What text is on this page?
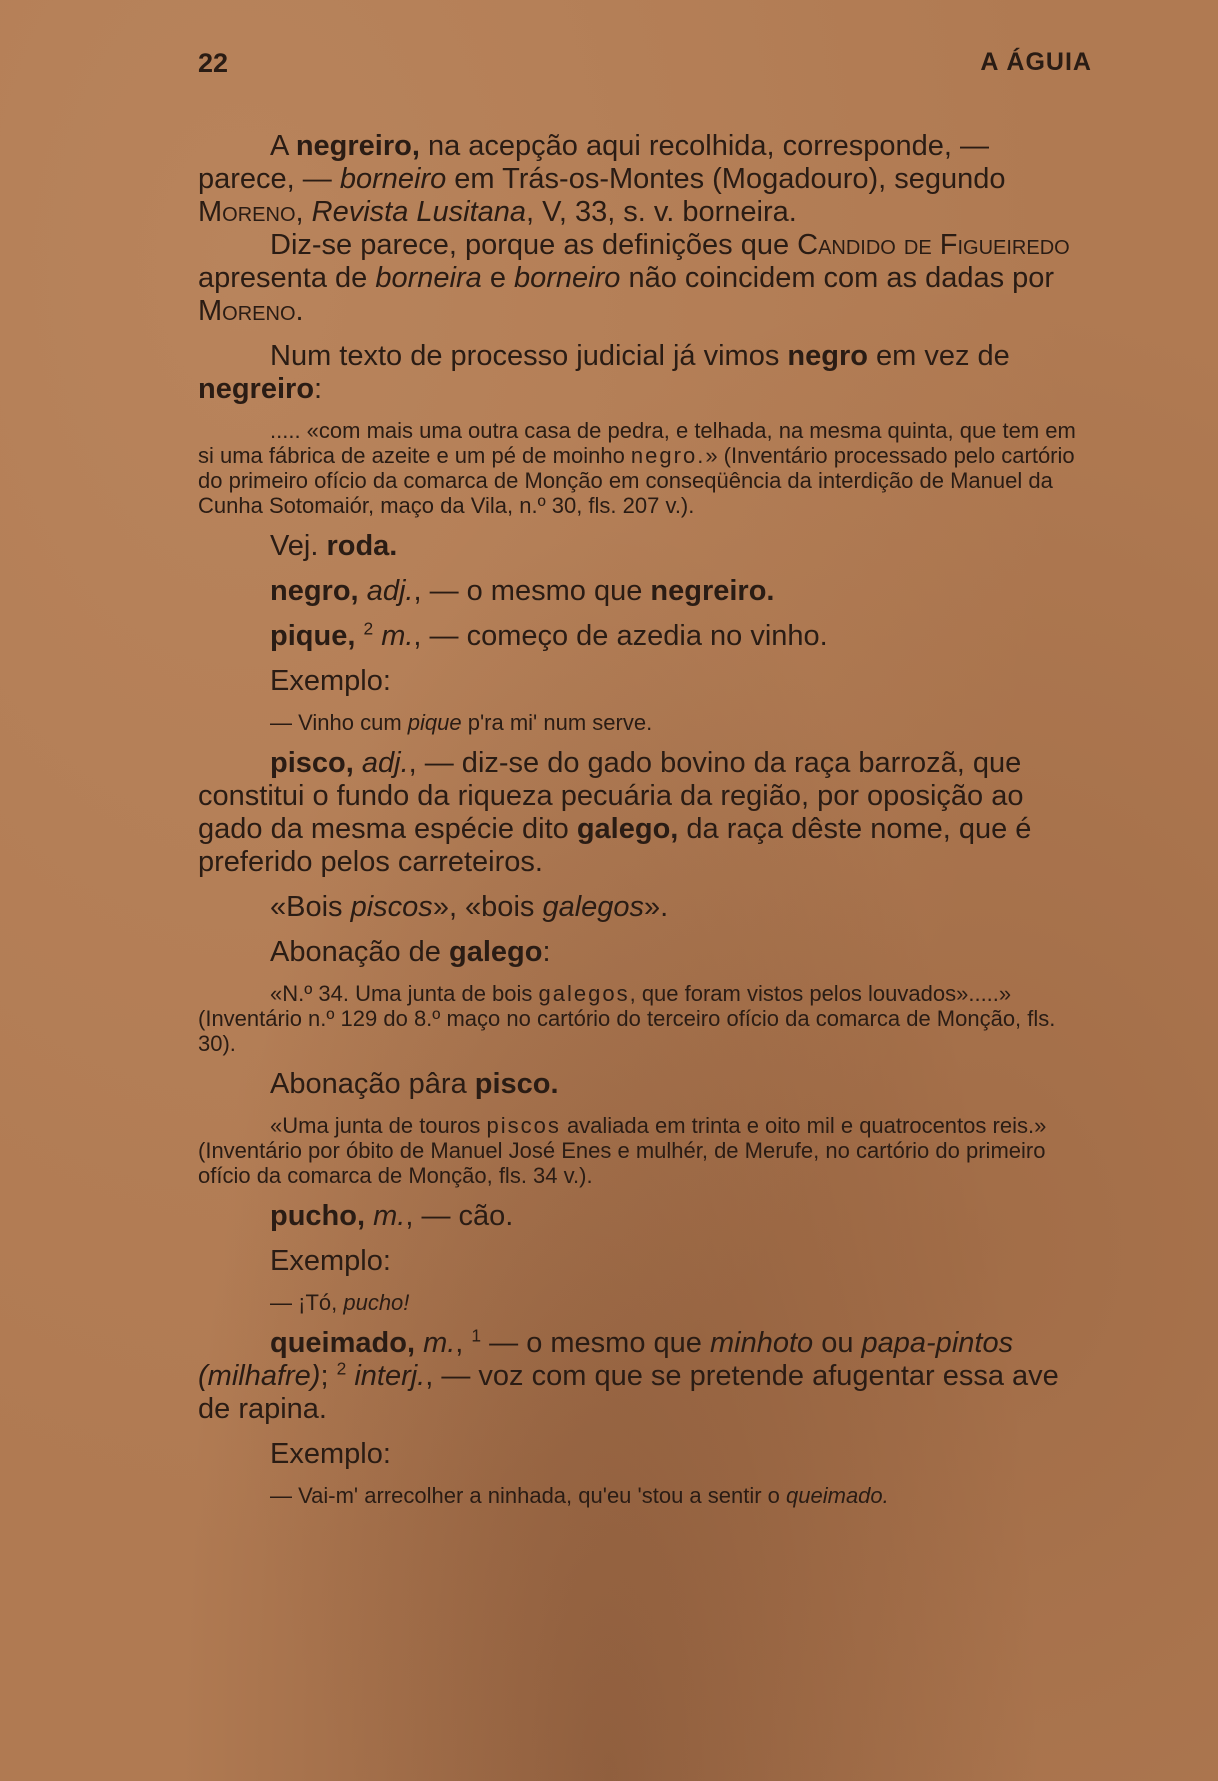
22	A ÁGUIA

A negreiro, na acepção aqui recolhida, corresponde, — parece, — borneiro em Trás-os-Montes (Mogadouro), segundo Moreno, Revista Lusitana, V, 33, s. v. borneira.

Diz-se parece, porque as definições que Candido de Figueiredo apresenta de borneira e borneiro não coincidem com as dadas por Moreno.

Num texto de processo judicial já vimos negro em vez de negreiro:

..... «com mais uma outra casa de pedra, e telhada, na mesma quinta, que tem em si uma fábrica de azeite e um pé de moinho negro.» (Inventário processado pelo cartório do primeiro ofício da comarca de Monção em conseqüência da interdição de Manuel da Cunha Sotomaiór, maço da Vila, n.º 30, fls. 207 v.).

Vej. roda.

negro, adj., — o mesmo que negreiro.

pique, $^2$ m., — começo de azedia no vinho.

Exemplo:

— Vinho cum pique p'ra mi' num serve.

pisco, adj., — diz-se do gado bovino da raça barrozã, que constitui o fundo da riqueza pecuária da região, por oposição ao gado da mesma espécie dito galego, da raça dêste nome, que é preferido pelos carreteiros.

«Bois piscos», «bois galegos».

Abonação de galego:

«N.º 34. Uma junta de bois galegos, que foram vistos pelos louvados».....» (Inventário n.º 129 do 8.º maço no cartório do terceiro ofício da comarca de Monção, fls. 30).

Abonação pâra pisco.

«Uma junta de touros piscos avaliada em trinta e oito mil e quatrocentos reis.» (Inventário por óbito de Manuel José Enes e mulhér, de Merufe, no cartório do primeiro ofício da comarca de Monção, fls. 34 v.).

pucho, m., — cão.

Exemplo:

— ¡Tó, pucho!

queimado, m., $^1$ — o mesmo que minhoto ou papa-pintos (milhafre); $^2$ interj., — voz com que se pretende afugentar essa ave de rapina.

Exemplo:

— Vai-m' arrecolher a ninhada, qu'eu 'stou a sentir o queimado.
